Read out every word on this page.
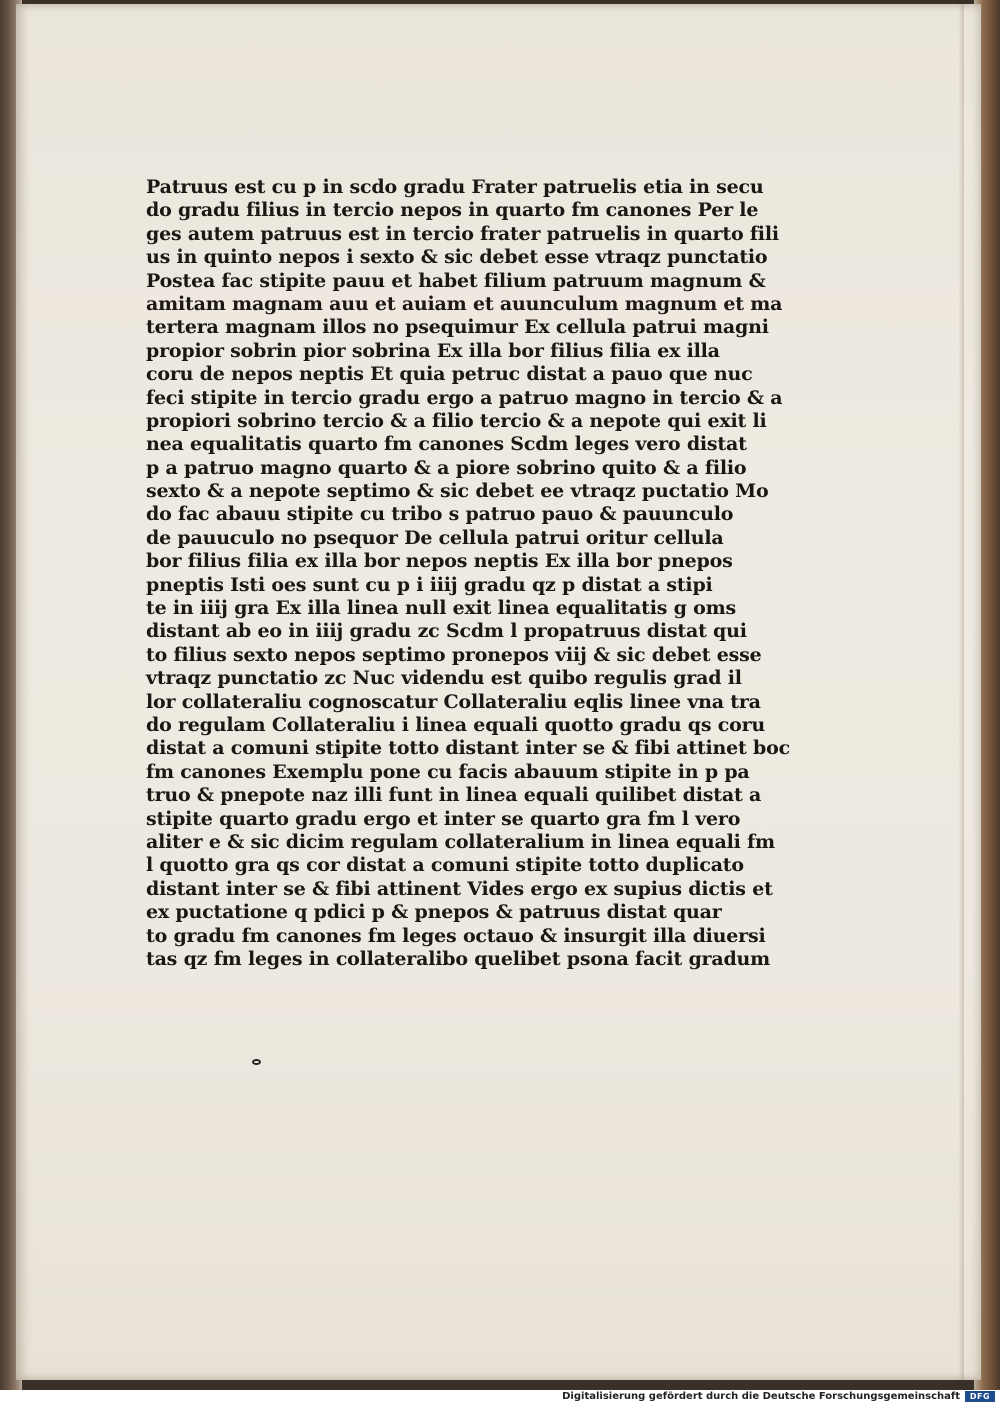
Patruus est cu p in scdo gradu Frater patruelis etia in secu
do gradu filius in tercio nepos in quarto fm canones Per le
ges autem patruus est in tercio frater patruelis in quarto fili
us in quinto nepos i sexto & sic debet esse vtraqz punctatio
Postea fac stipite pauu et habet filium patruum magnum &
amitam magnam auu et auiam et auunculum magnum et ma
tertera magnam illos no psequimur Ex cellula patrui magni
propior sobrin pior sobrina Ex illa bor filius filia ex illa
coru de nepos neptis Et quia petruc distat a pauo que nuc
feci stipite in tercio gradu ergo a patruo magno in tercio & a
propiori sobrino tercio & a filio tercio & a nepote qui exit li
nea equalitatis quarto fm canones Scdm leges vero distat
p a patruo magno quarto & a piore sobrino quito & a filio
sexto & a nepote septimo & sic debet ee vtraqz puctatio Mo
do fac abauu stipite cu tribo s patruo pauo & pauunculo
de pauuculo no psequor De cellula patrui oritur cellula
bor filius filia ex illa bor nepos neptis Ex illa bor pnepos
pneptis Isti oes sunt cu p i iiij gradu qz p distat a stipi
te in iiij gra Ex illa linea null exit linea equalitatis g oms
distant ab eo in iiij gradu zc Scdm l propatruus distat qui
to filius sexto nepos septimo pronepos viij & sic debet esse
vtraqz punctatio zc Nuc videndu est quibo regulis grad il
lor collateraliu cognoscatur Collateraliu eqlis linee vna tra
do regulam Collateraliu i linea equali quotto gradu qs coru
distat a comuni stipite totto distant inter se & fibi attinet boc
fm canones Exemplu pone cu facis abauum stipite in p pa
truo & pnepote naz illi funt in linea equali quilibet distat a
stipite quarto gradu ergo et inter se quarto gra fm l vero
aliter e & sic dicim regulam collateralium in linea equali fm
l quotto gra qs cor distat a comuni stipite totto duplicato
distant inter se & fibi attinent Vides ergo ex supius dictis et
ex puctatione q pdici p & pnepos & patruus distat quar
to gradu fm canones fm leges octauo & insurgit illa diuersi
tas qz fm leges in collateralibo quelibet psona facit gradum
Digitalisierung gefördert durch die Deutsche Forschungsgemeinschaft	DFG
